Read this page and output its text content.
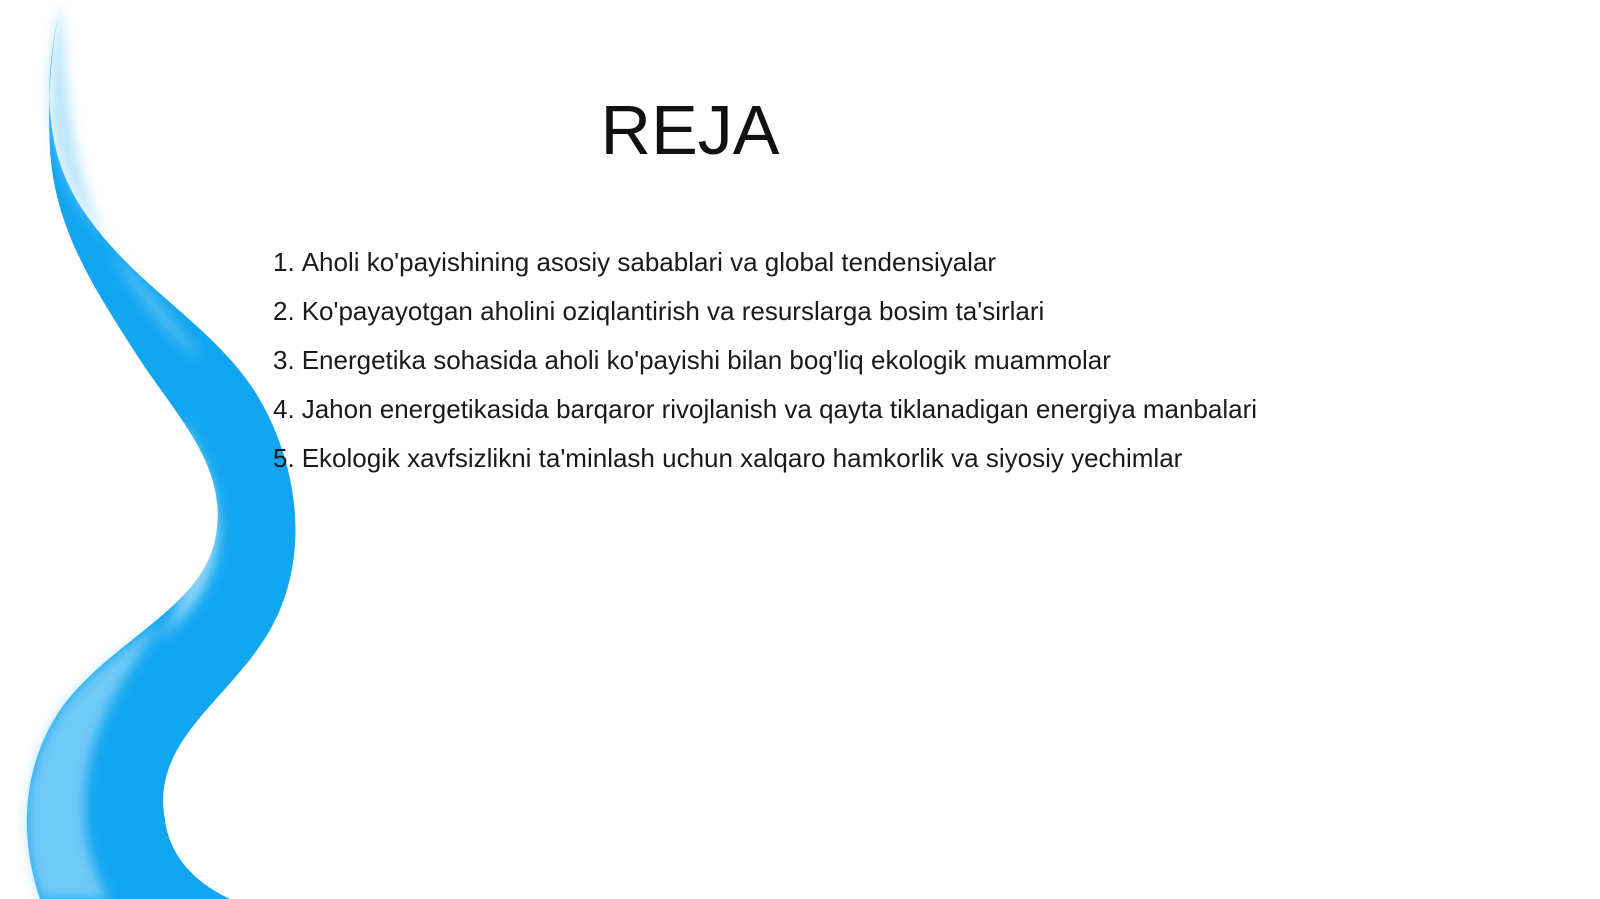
REJA
1. Aholi ko'payishining asosiy sabablari va global tendensiyalar
2. Ko'payayotgan aholini oziqlantirish va resurslarga bosim ta'sirlari
3. Energetika sohasida aholi ko'payishi bilan bog'liq ekologik muammolar
4. Jahon energetikasida barqaror rivojlanish va qayta tiklanadigan energiya manbalari
5. Ekologik xavfsizlikni ta'minlash uchun xalqaro hamkorlik va siyosiy yechimlar
